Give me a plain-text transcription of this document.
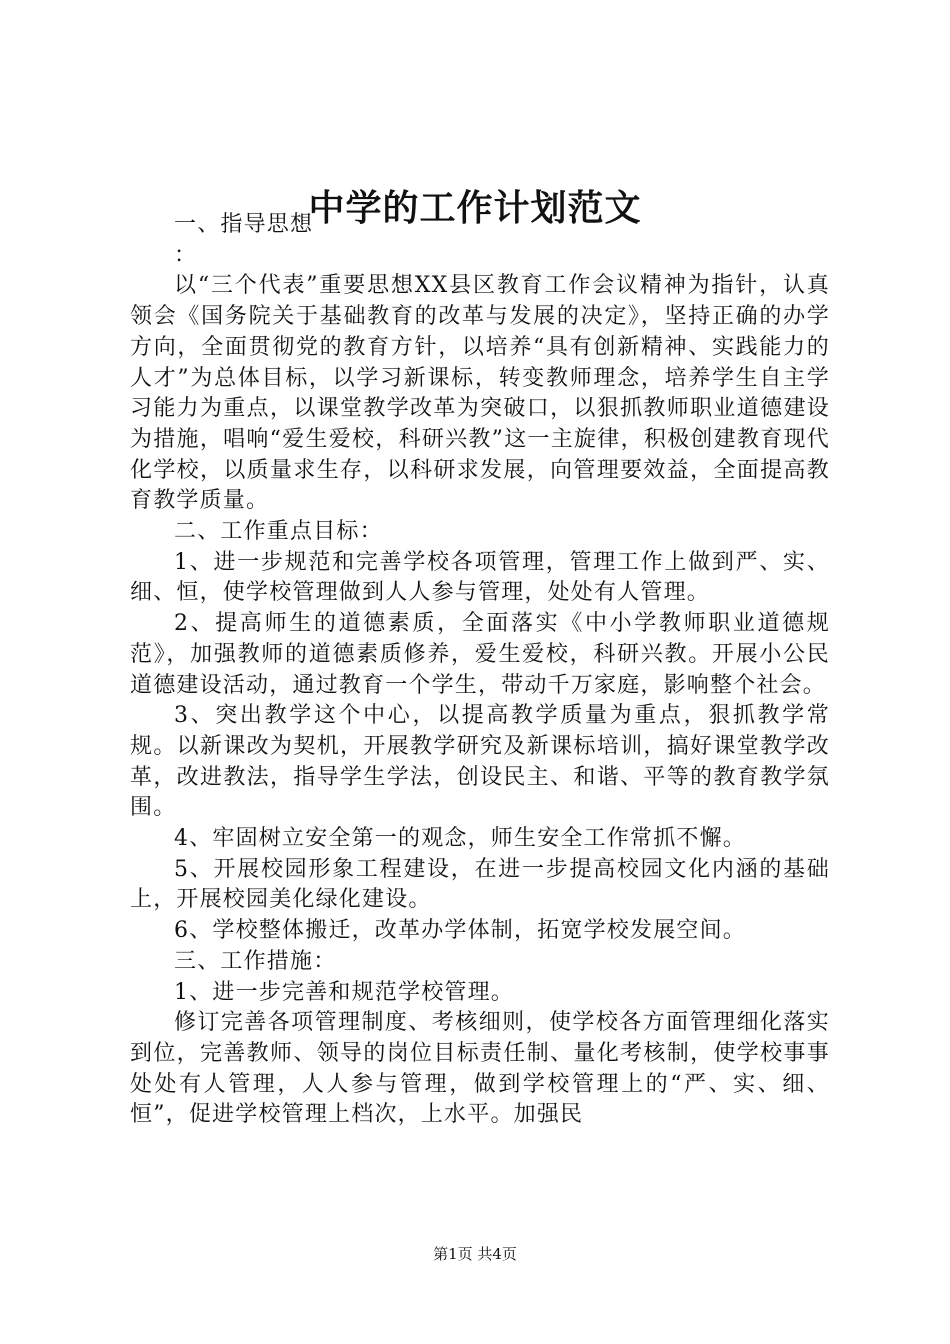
中学的工作计划范文

一、指导思想

：

以“三个代表”重要思想XX县区教育工作会议精神为指针，认真领会《国务院关于基础教育的改革与发展的决定》，坚持正确的办学方向，全面贯彻党的教育方针，以培养“具有创新精神、实践能力的人才”为总体目标，以学习新课标，转变教师理念，培养学生自主学习能力为重点，以课堂教学改革为突破口，以狠抓教师职业道德建设为措施，唱响“爱生爱校，科研兴教”这一主旋律，积极创建教育现代化学校，以质量求生存，以科研求发展，向管理要效益，全面提高教育教学质量。

二、工作重点目标：

1、进一步规范和完善学校各项管理，管理工作上做到严、实、细、恒，使学校管理做到人人参与管理，处处有人管理。

2、提高师生的道德素质，全面落实《中小学教师职业道德规范》，加强教师的道德素质修养，爱生爱校，科研兴教。开展小公民道德建设活动，通过教育一个学生，带动千万家庭，影响整个社会。

3、突出教学这个中心，以提高教学质量为重点，狠抓教学常规。以新课改为契机，开展教学研究及新课标培训，搞好课堂教学改革，改进教法，指导学生学法，创设民主、和谐、平等的教育教学氛围。

4、牢固树立安全第一的观念，师生安全工作常抓不懈。

5、开展校园形象工程建设，在进一步提高校园文化内涵的基础上，开展校园美化绿化建设。

6、学校整体搬迁，改革办学体制，拓宽学校发展空间。

三、工作措施：

1、进一步完善和规范学校管理。

修订完善各项管理制度、考核细则，使学校各方面管理细化落实到位，完善教师、领导的岗位目标责任制、量化考核制，使学校事事处处有人管理，人人参与管理，做到学校管理上的“严、实、细、恒”，促进学校管理上档次，上水平。加强民

第1页 共4页
